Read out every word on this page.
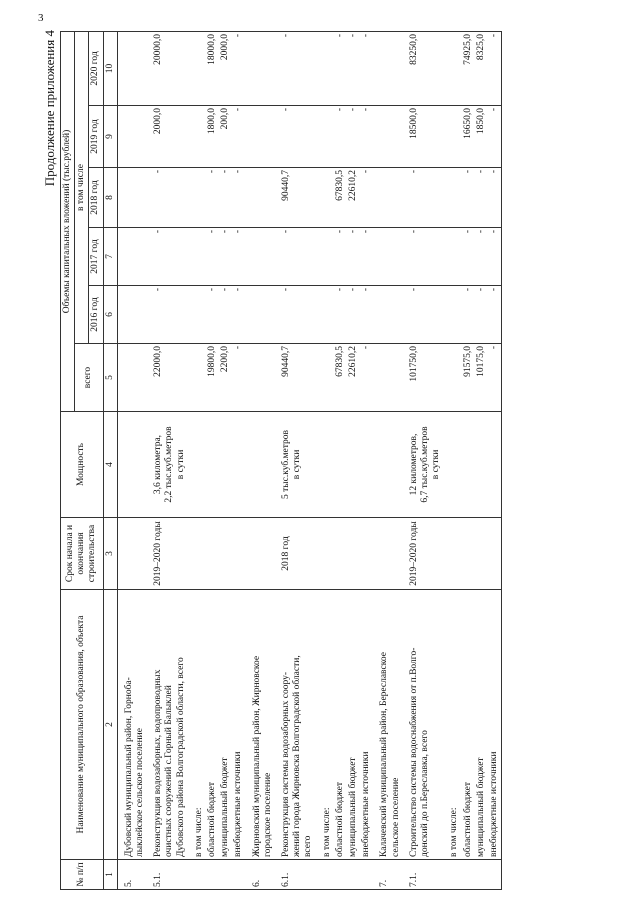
3
Продолжение приложения 4
№ п/п	Наименование муниципального образования, объекта	Срок начала и окончания строительства	Мощность	Объемы капитальных вложений (тыс.рублей)					
				всего	в том числе				
					2016 год	2017 год	2018 год	2019 год	2020 год
1	2	3	4	5	6	7	8	9	10
5.	Дубовский муниципальный район, Горноба- лыклейское сельское поселение								

5.1.	Реконструкция водозаборных, водопроводных очистных сооружений с.Горный Балыклей Дубовского района Волгоградской области, всего	2019–2020 годы	3,6 километра, 2,2 тыс.куб.метров в сутки	22000,0	-	-	-	2000,0	20000,0

	в том числе:								

	областной бюджет			19800,0	-	-	-	1800,0	18000,0

	муниципальный бюджет			2200,0	-	-	-	200,0	2000,0

	внебюджетные источники			-	-	-	-	-	-
6.	Жирновский муниципальный район, Жирновское городское поселение								

6.1.	Реконструкция системы водозаборных соору- жений города Жирновска Волгоградской области, всего	2018 год	5 тыс.куб.метров в сутки	90440,7	-	-	90440,7	-	-

	в том числе:								

	областной бюджет			67830,5	-	-	67830,5	-	-

	муниципальный бюджет			22610,2	-	-	22610,2	-	-

	внебюджетные источники			-	-	-	-	-	-
7.	Калачевский муниципальный район, Береславское сельское поселение								

7.1.	Строительство системы водоснабжения от п.Волго- донский до п.Береславка, всего	2019–2020 годы	12 километров, 6,7 тыс.куб.метров в сутки	101750,0	-	-	-	18500,0	83250,0

	в том числе:								

	областной бюджет			91575,0	-	-	-	16650,0	74925,0

	муниципальный бюджет			10175,0	-	-	-	1850,0	8325,0

	внебюджетные источники			-	-	-	-	-	-
